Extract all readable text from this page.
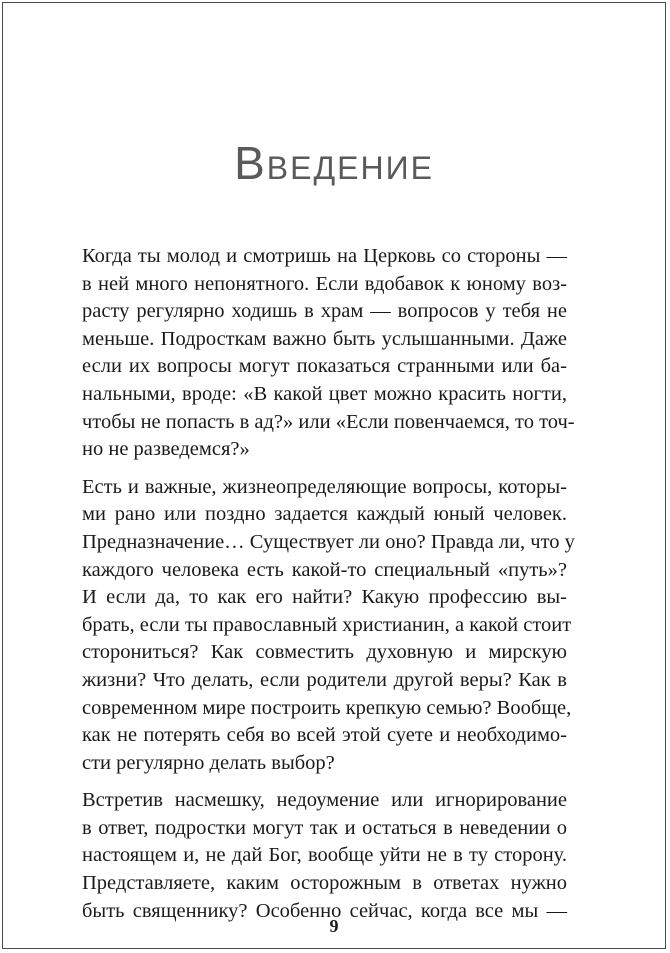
Введение
Когда ты молод и смотришь на Церковь со стороны —
в ней много непонятного. Если вдобавок к юному воз-
расту регулярно ходишь в храм — вопросов у тебя не
меньше. Подросткам важно быть услышанными. Даже
если их вопросы могут показаться странными или ба-
нальными, вроде: «В какой цвет можно красить ногти,
чтобы не попасть в ад?» или «Если повенчаемся, то точ-
но не разведемся?»
Есть и важные, жизнеопределяющие вопросы, которы-
ми рано или поздно задается каждый юный человек.
Предназначение… Существует ли оно? Правда ли, что у
каждого человека есть какой-то специальный «путь»?
И если да, то как его найти? Какую профессию вы-
брать, если ты православный христианин, а какой стоит
сторониться? Как совместить духовную и мирскую
жизни? Что делать, если родители другой веры? Как в
современном мире построить крепкую семью? Вообще,
как не потерять себя во всей этой суете и необходимо-
сти регулярно делать выбор?
Встретив насмешку, недоумение или игнорирование
в ответ, подростки могут так и остаться в неведении о
настоящем и, не дай Бог, вообще уйти не в ту сторону.
Представляете, каким осторожным в ответах нужно
быть священнику? Особенно сейчас, когда все мы —
9
